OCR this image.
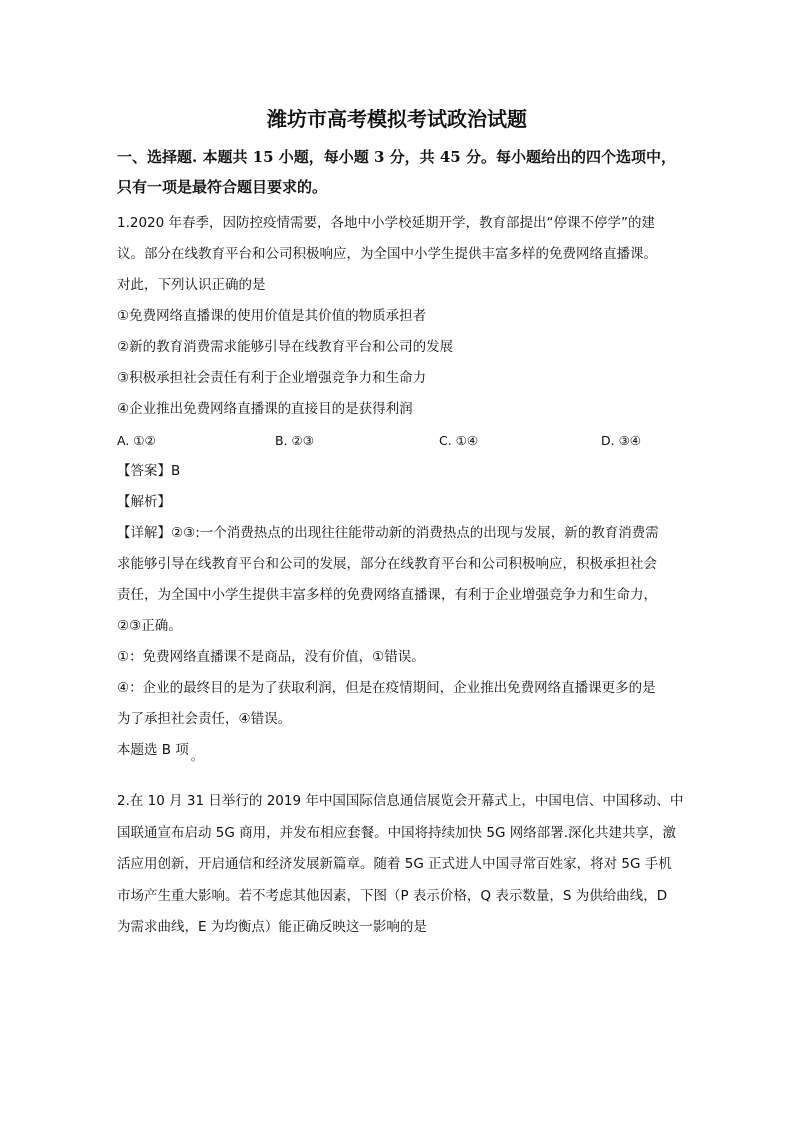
潍坊市高考模拟考试政治试题
一、选择题. 本题共 15 小题，每小题 3 分，共 45 分。每小题给出的四个选项中，
只有一项是最符合题目要求的。
1.2020 年春季，因防控疫情需要，各地中小学校延期开学，教育部提出“停课不停学”的建
议。部分在线教育平台和公司积极响应，为全国中小学生提供丰富多样的免费网络直播课。
对此，下列认识正确的是
①免费网络直播课的使用价值是其价值的物质承担者
②新的教育消费需求能够引导在线教育平台和公司的发展
③积极承担社会责任有利于企业增强竞争力和生命力
④企业推出免费网络直播课的直接目的是获得利润
A. ①②	B. ②③	C. ①④	D. ③④
【答案】B
【解析】
【详解】②③:一个消费热点的出现往往能带动新的消费热点的出现与发展，新的教育消费需
求能够引导在线教育平台和公司的发展，部分在线教育平台和公司积极响应，积极承担社会
责任，为全国中小学生提供丰富多样的免费网络直播课，有利于企业增强竞争力和生命力，
②③正确。
①：免费网络直播课不是商品，没有价值，①错误。
④：企业的最终目的是为了获取利润，但是在疫情期间，企业推出免费网络直播课更多的是
为了承担社会责任，④错误。
本题选 B 项 。
2.在 10 月 31 日举行的 2019 年中国国际信息通信展览会开幕式上，中国电信、中国移动、中
国联通宣布启动 5G 商用，并发布相应套餐。中国将持续加快 5G 网络部署.深化共建共享，激
活应用创新，开启通信和经济发展新篇章。随着 5G 正式进人中国寻常百姓家，将对 5G 手机
市场产生重大影响。若不考虑其他因素，下图（P 表示价格，Q 表示数量，S 为供给曲线，D
为需求曲线，E 为均衡点）能正确反映这一影响的是
